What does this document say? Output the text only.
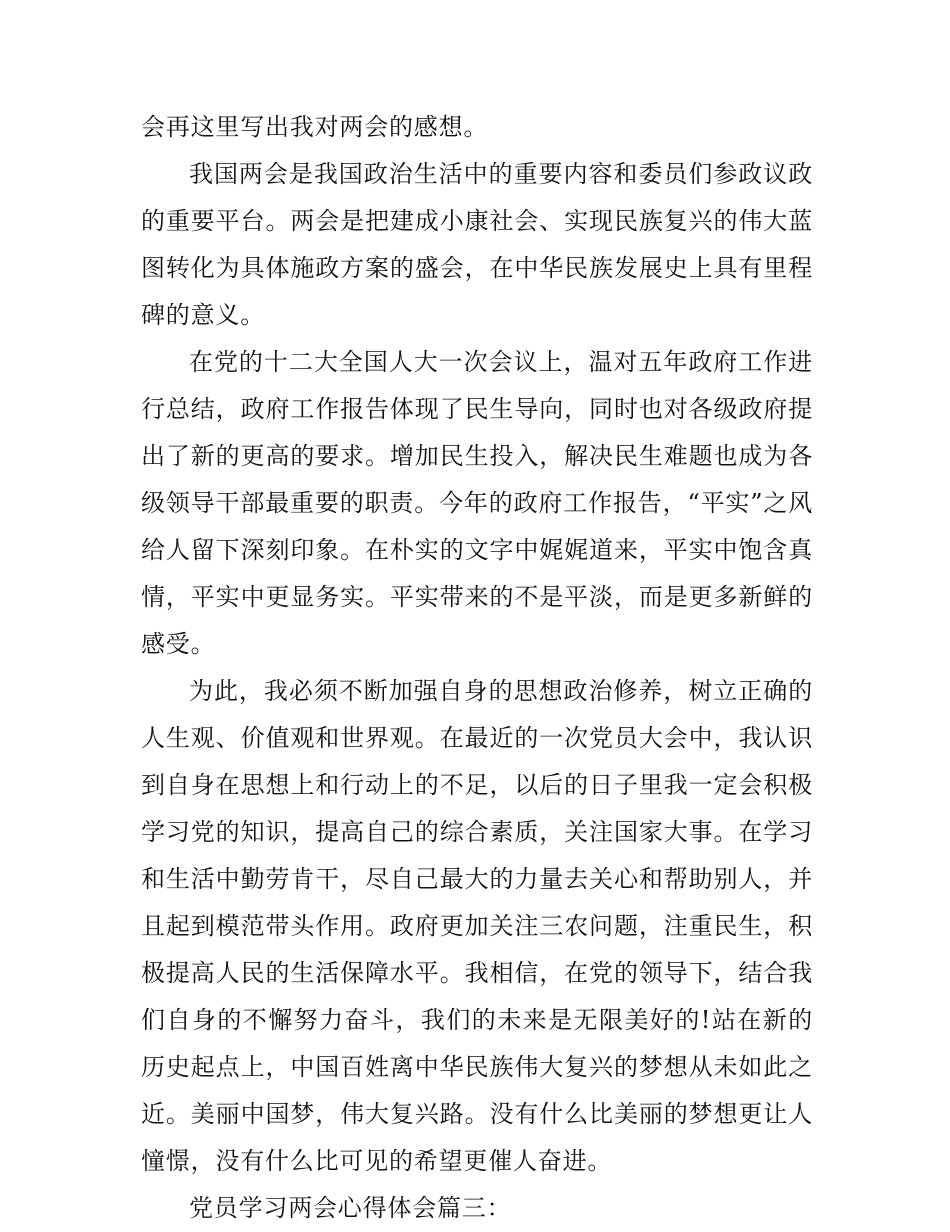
会再这里写出我对两会的感想。

我国两会是我国政治生活中的重要内容和委员们参政议政的重要平台。两会是把建成小康社会、实现民族复兴的伟大蓝图转化为具体施政方案的盛会，在中华民族发展史上具有里程碑的意义。

在党的十二大全国人大一次会议上，温对五年政府工作进行总结，政府工作报告体现了民生导向，同时也对各级政府提出了新的更高的要求。增加民生投入，解决民生难题也成为各级领导干部最重要的职责。今年的政府工作报告，“平实”之风给人留下深刻印象。在朴实的文字中娓娓道来，平实中饱含真情，平实中更显务实。平实带来的不是平淡，而是更多新鲜的感受。

为此，我必须不断加强自身的思想政治修养，树立正确的人生观、价值观和世界观。在最近的一次党员大会中，我认识到自身在思想上和行动上的不足，以后的日子里我一定会积极学习党的知识，提高自己的综合素质，关注国家大事。在学习和生活中勤劳肯干，尽自己最大的力量去关心和帮助别人，并且起到模范带头作用。政府更加关注三农问题，注重民生，积极提高人民的生活保障水平。我相信，在党的领导下，结合我们自身的不懈努力奋斗，我们的未来是无限美好的!站在新的历史起点上，中国百姓离中华民族伟大复兴的梦想从未如此之近。美丽中国梦，伟大复兴路。没有什么比美丽的梦想更让人憧憬，没有什么比可见的希望更催人奋进。

党员学习两会心得体会篇三：
